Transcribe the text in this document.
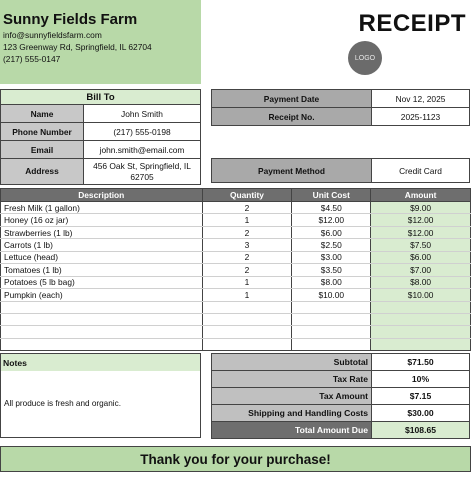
Sunny Fields Farm
info@sunnyfieldsfarm.com
123 Greenway Rd, Springfield, IL 62704
(217) 555-0147
RECEIPT
LOGO
Bill To	
Name	John Smith
Phone Number	(217) 555-0198
Email	john.smith@email.com
Address	456 Oak St, Springfield, IL
62705
Payment Date	Nov 12, 2025
Receipt No.	2025-1123
Payment Method	Credit Card
Description	Quantity	Unit Cost	Amount
Fresh Milk (1 gallon)	2	$4.50	$9.00
Honey (16 oz jar)	1	$12.00	$12.00
Strawberries (1 lb)	2	$6.00	$12.00
Carrots (1 lb)	3	$2.50	$7.50
Lettuce (head)	2	$3.00	$6.00
Tomatoes (1 lb)	2	$3.50	$7.00
Potatoes (5 lb bag)	1	$8.00	$8.00
Pumpkin (each)	1	$10.00	$10.00

Notes
All produce is fresh and organic.
Subtotal	$71.50
Tax Rate	10%
Tax Amount	$7.15
Shipping and Handling Costs	$30.00
Total Amount Due	$108.65
Thank you for your purchase!
